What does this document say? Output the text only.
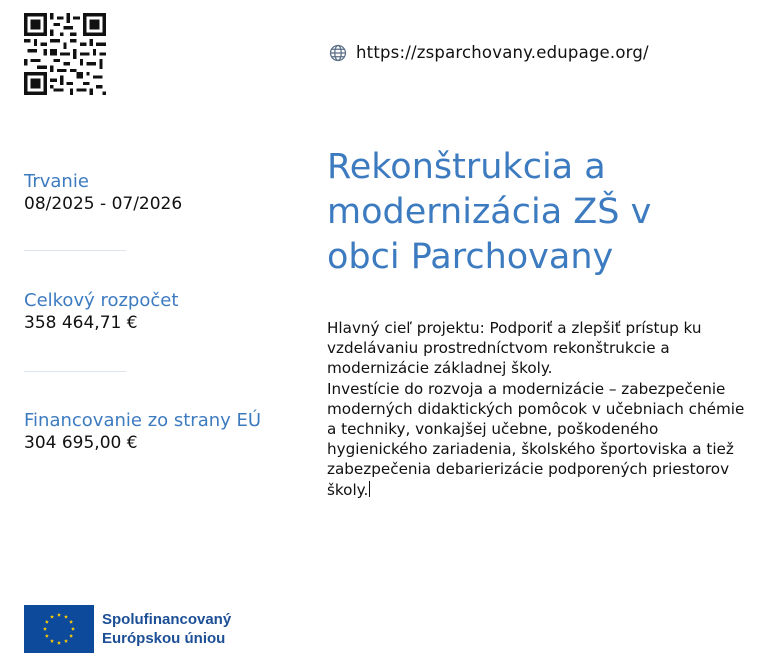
https://zsparchovany.edupage.org/
Trvanie
08/2025 - 07/2026
Celkový rozpočet
358 464,71 €
Financovanie zo strany EÚ
304 695,00 €
Rekonštrukcia a modernizácia ZŠ v obci Parchovany
Hlavný cieľ projektu: Podporiť a zlepšiť prístup ku vzdelávaniu prostredníctvom rekonštrukcie a modernizácie základnej školy.
Investície do rozvoja a modernizácie – zabezpečenie moderných didaktických pomôcok v učebniach chémie a techniky, vonkajšej učebne, poškodeného hygienického zariadenia, školského športoviska a tiež zabezpečenia debarierizácie podporených priestorov školy.
Spolufinancovaný
Európskou úniou
